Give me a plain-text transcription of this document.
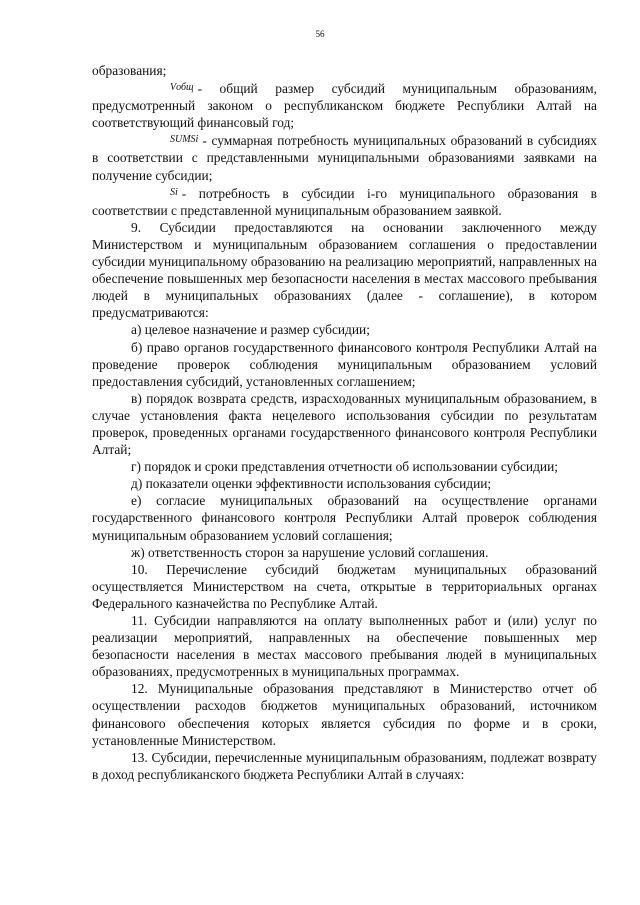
56

образования;

Vобщ - общий размер субсидий муниципальным образованиям, предусмотренный законом о республиканском бюджете Республики Алтай на соответствующий финансовый год;

SUMSi - суммарная потребность муниципальных образований в субсидиях в соответствии с представленными муниципальными образованиями заявками на получение субсидии;

Si - потребность в субсидии i-го муниципального образования в соответствии с представленной муниципальным образованием заявкой.

9. Субсидии предоставляются на основании заключенного между Министерством и муниципальным образованием соглашения о предоставлении субсидии муниципальному образованию на реализацию мероприятий, направленных на обеспечение повышенных мер безопасности населения в местах массового пребывания людей в муниципальных образованиях (далее - соглашение), в котором предусматриваются:

а) целевое назначение и размер субсидии;

б) право органов государственного финансового контроля Республики Алтай на проведение проверок соблюдения муниципальным образованием условий предоставления субсидий, установленных соглашением;

в) порядок возврата средств, израсходованных муниципальным образованием, в случае установления факта нецелевого использования субсидии по результатам проверок, проведенных органами государственного финансового контроля Республики Алтай;

г) порядок и сроки представления отчетности об использовании субсидии;

д) показатели оценки эффективности использования субсидии;

е) согласие муниципальных образований на осуществление органами государственного финансового контроля Республики Алтай проверок соблюдения муниципальным образованием условий соглашения;

ж) ответственность сторон за нарушение условий соглашения.

10. Перечисление субсидий бюджетам муниципальных образований осуществляется Министерством на счета, открытые в территориальных органах Федерального казначейства по Республике Алтай.

11. Субсидии направляются на оплату выполненных работ и (или) услуг по реализации мероприятий, направленных на обеспечение повышенных мер безопасности населения в местах массового пребывания людей в муниципальных образованиях, предусмотренных в муниципальных программах.

12. Муниципальные образования представляют в Министерство отчет об осуществлении расходов бюджетов муниципальных образований, источником финансового обеспечения которых является субсидия по форме и в сроки, установленные Министерством.

13. Субсидии, перечисленные муниципальным образованиям, подлежат возврату в доход республиканского бюджета Республики Алтай в случаях:
